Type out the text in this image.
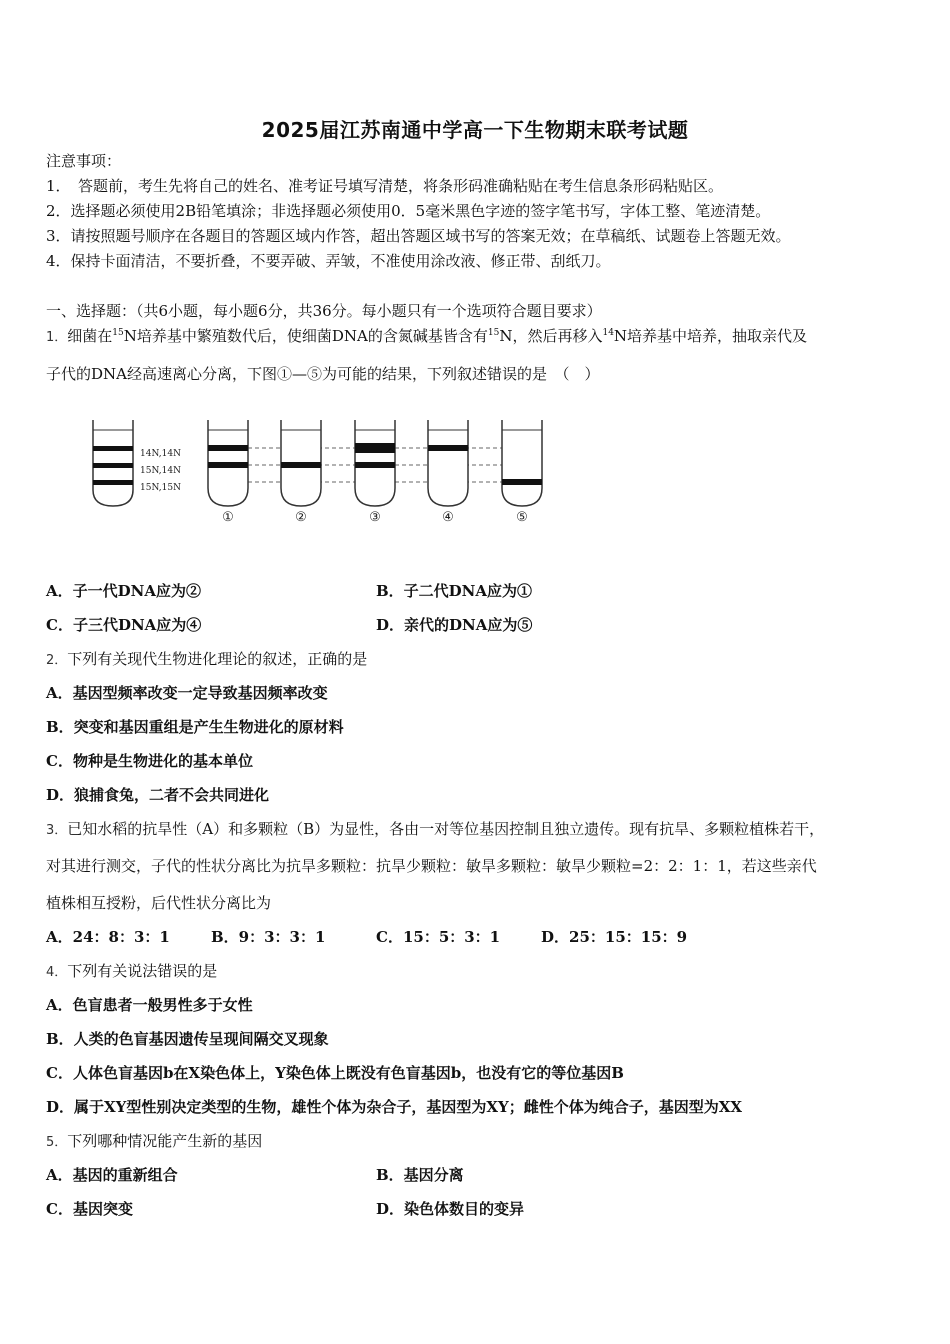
2025届江苏南通中学高一下生物期末联考试题
注意事项：
1．　答题前，考生先将自己的姓名、准考证号填写清楚，将条形码准确粘贴在考生信息条形码粘贴区。
2．选择题必须使用2B铅笔填涂；非选择题必须使用0．5毫米黑色字迹的签字笔书写，字体工整、笔迹清楚。
3．请按照题号顺序在各题目的答题区域内作答，超出答题区域书写的答案无效；在草稿纸、试题卷上答题无效。
4．保持卡面清洁，不要折叠，不要弄破、弄皱，不准使用涂改液、修正带、刮纸刀。
一、选择题：（共6小题，每小题6分，共36分。每小题只有一个选项符合题目要求）
1．细菌在$^{15}$N培养基中繁殖数代后，使细菌DNA的含氮碱基皆含有$^{15}$N，然后再移入$^{14}$N培养基中培养，抽取亲代及
子代的DNA经高速离心分离，下图①—⑤为可能的结果，下列叙述错误的是　（　）
14N,14N
15N,14N
15N,15N
①	②	③	④	⑤
A．子一代DNA应为②	B．子二代DNA应为①
C．子三代DNA应为④	D．亲代的DNA应为⑤
2．下列有关现代生物进化理论的叙述，正确的是
A．基因型频率改变一定导致基因频率改变
B．突变和基因重组是产生生物进化的原材料
C．物种是生物进化的基本单位
D．狼捕食兔，二者不会共同进化
3．已知水稻的抗旱性（A）和多颗粒（B）为显性，各由一对等位基因控制且独立遗传。现有抗旱、多颗粒植株若干，
对其进行测交，子代的性状分离比为抗旱多颗粒：抗旱少颗粒：敏旱多颗粒：敏旱少颗粒=2：2：1：1，若这些亲代
植株相互授粉，后代性状分离比为
A．24：8：3：1	B．9：3：3：1	C．15：5：3：1	D．25：15：15：9
4．下列有关说法错误的是
A．色盲患者一般男性多于女性
B．人类的色盲基因遗传呈现间隔交叉现象
C．人体色盲基因b在X染色体上，Y染色体上既没有色盲基因b，也没有它的等位基因B
D．属于XY型性别决定类型的生物，雄性个体为杂合子，基因型为XY；雌性个体为纯合子，基因型为XX
5．下列哪种情况能产生新的基因
A．基因的重新组合	B．基因分离
C．基因突变	D．染色体数目的变异
